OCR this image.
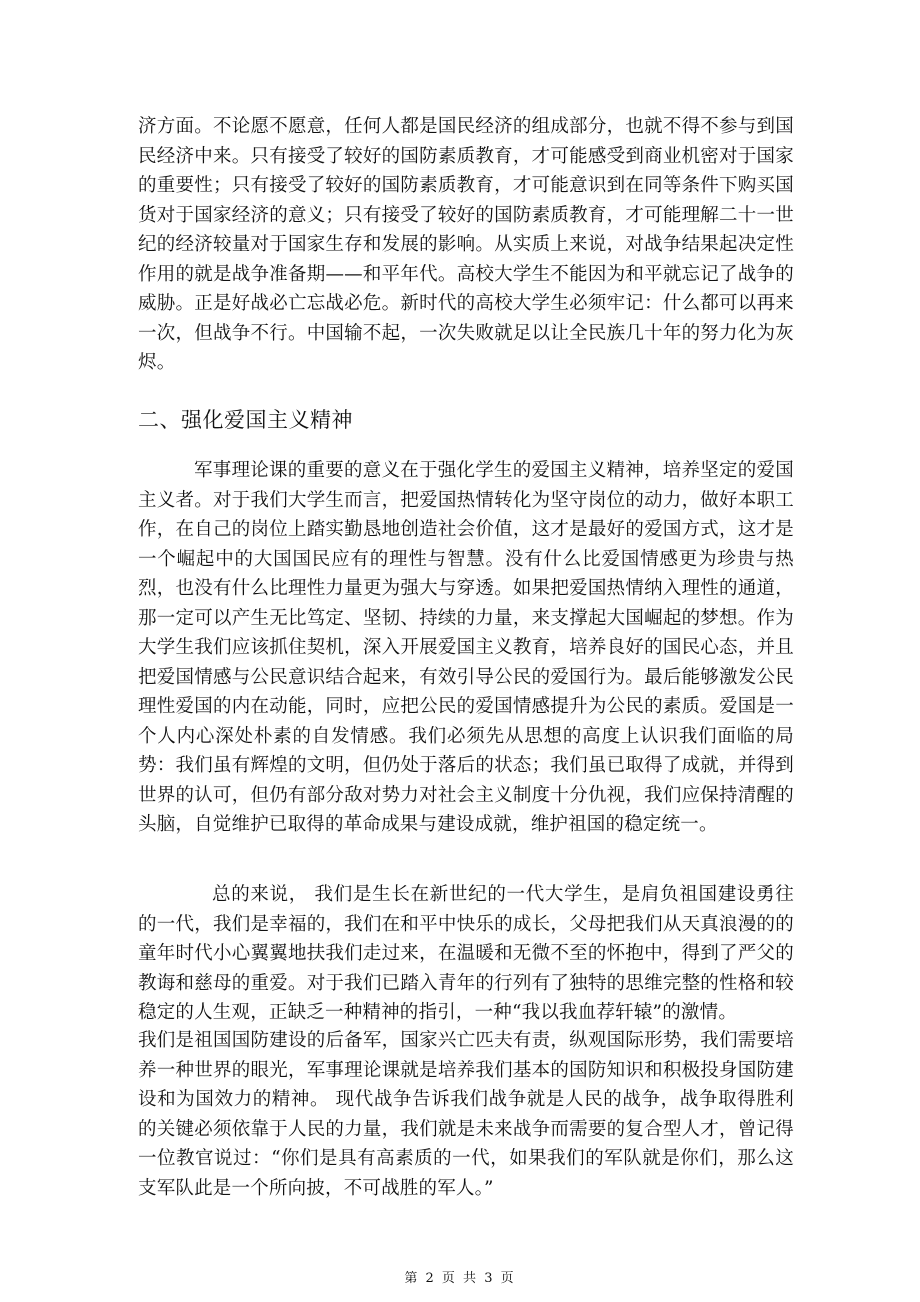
济方面。不论愿不愿意，任何人都是国民经济的组成部分，也就不得不参与到国民经济中来。只有接受了较好的国防素质教育，才可能感受到商业机密对于国家的重要性；只有接受了较好的国防素质教育，才可能意识到在同等条件下购买国货对于国家经济的意义；只有接受了较好的国防素质教育，才可能理解二十一世纪的经济较量对于国家生存和发展的影响。从实质上来说，对战争结果起决定性作用的就是战争准备期——和平年代。高校大学生不能因为和平就忘记了战争的威胁。正是好战必亡忘战必危。新时代的高校大学生必须牢记：什么都可以再来一次，但战争不行。中国输不起，一次失败就足以让全民族几十年的努力化为灰烬。

二、强化爱国主义精神

军事理论课的重要的意义在于强化学生的爱国主义精神，培养坚定的爱国主义者。对于我们大学生而言，把爱国热情转化为坚守岗位的动力，做好本职工作，在自己的岗位上踏实勤恳地创造社会价值，这才是最好的爱国方式，这才是一个崛起中的大国国民应有的理性与智慧。没有什么比爱国情感更为珍贵与热烈，也没有什么比理性力量更为强大与穿透。如果把爱国热情纳入理性的通道，那一定可以产生无比笃定、坚韧、持续的力量，来支撑起大国崛起的梦想。作为大学生我们应该抓住契机，深入开展爱国主义教育，培养良好的国民心态，并且把爱国情感与公民意识结合起来，有效引导公民的爱国行为。最后能够激发公民理性爱国的内在动能，同时，应把公民的爱国情感提升为公民的素质。爱国是一个人内心深处朴素的自发情感。我们必须先从思想的高度上认识我们面临的局势：我们虽有辉煌的文明，但仍处于落后的状态；我们虽已取得了成就，并得到世界的认可，但仍有部分敌对势力对社会主义制度十分仇视，我们应保持清醒的头脑，自觉维护已取得的革命成果与建设成就，维护祖国的稳定统一。

总的来说， 我们是生长在新世纪的一代大学生，是肩负祖国建设勇往的一代，我们是幸福的，我们在和平中快乐的成长，父母把我们从天真浪漫的的童年时代小心翼翼地扶我们走过来，在温暖和无微不至的怀抱中，得到了严父的教诲和慈母的重爱。对于我们已踏入青年的行列有了独特的思维完整的性格和较稳定的人生观，正缺乏一种精神的指引，一种“我以我血荐轩辕”的激情。

我们是祖国国防建设的后备军，国家兴亡匹夫有责，纵观国际形势，我们需要培养一种世界的眼光，军事理论课就是培养我们基本的国防知识和积极投身国防建设和为国效力的精神。 现代战争告诉我们战争就是人民的战争，战争取得胜利的关键必须依靠于人民的力量，我们就是未来战争而需要的复合型人才，曾记得一位教官说过：“你们是具有高素质的一代，如果我们的军队就是你们，那么这支军队此是一个所向披，不可战胜的军人。”

第 2 页 共 3 页
